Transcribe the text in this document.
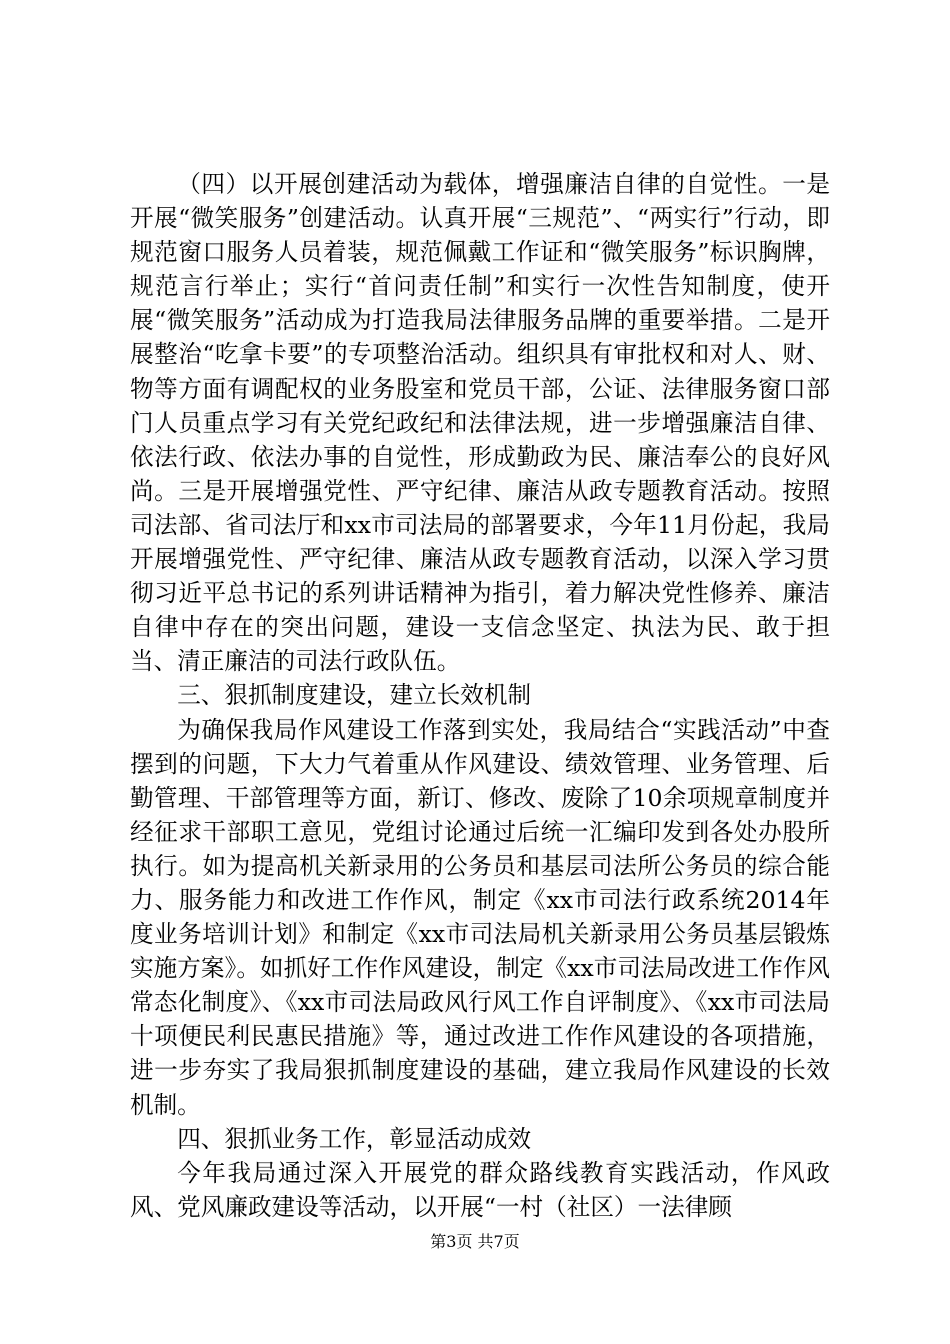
（四）以开展创建活动为载体，增强廉洁自律的自觉性。一是开展“微笑服务”创建活动。认真开展“三规范”、“两实行”行动，即规范窗口服务人员着装，规范佩戴工作证和“微笑服务”标识胸牌，规范言行举止；实行“首问责任制”和实行一次性告知制度，使开展“微笑服务”活动成为打造我局法律服务品牌的重要举措。二是开展整治“吃拿卡要”的专项整治活动。组织具有审批权和对人、财、物等方面有调配权的业务股室和党员干部，公证、法律服务窗口部门人员重点学习有关党纪政纪和法律法规，进一步增强廉洁自律、依法行政、依法办事的自觉性，形成勤政为民、廉洁奉公的良好风尚。三是开展增强党性、严守纪律、廉洁从政专题教育活动。按照司法部、省司法厅和xx市司法局的部署要求，今年11月份起，我局开展增强党性、严守纪律、廉洁从政专题教育活动，以深入学习贯彻习近平总书记的系列讲话精神为指引，着力解决党性修养、廉洁自律中存在的突出问题，建设一支信念坚定、执法为民、敢于担当、清正廉洁的司法行政队伍。

三、狠抓制度建设，建立长效机制

为确保我局作风建设工作落到实处，我局结合“实践活动”中查摆到的问题，下大力气着重从作风建设、绩效管理、业务管理、后勤管理、干部管理等方面，新订、修改、废除了10余项规章制度并经征求干部职工意见，党组讨论通过后统一汇编印发到各处办股所执行。如为提高机关新录用的公务员和基层司法所公务员的综合能力、服务能力和改进工作作风，制定《xx市司法行政系统2014年度业务培训计划》和制定《xx市司法局机关新录用公务员基层锻炼实施方案》。如抓好工作作风建设，制定《xx市司法局改进工作作风常态化制度》、《xx市司法局政风行风工作自评制度》、《xx市司法局十项便民利民惠民措施》等，通过改进工作作风建设的各项措施，进一步夯实了我局狠抓制度建设的基础，建立我局作风建设的长效机制。

四、狠抓业务工作，彰显活动成效

今年我局通过深入开展党的群众路线教育实践活动，作风政风、党风廉政建设等活动，以开展“一村（社区）一法律顾

第3页 共7页
